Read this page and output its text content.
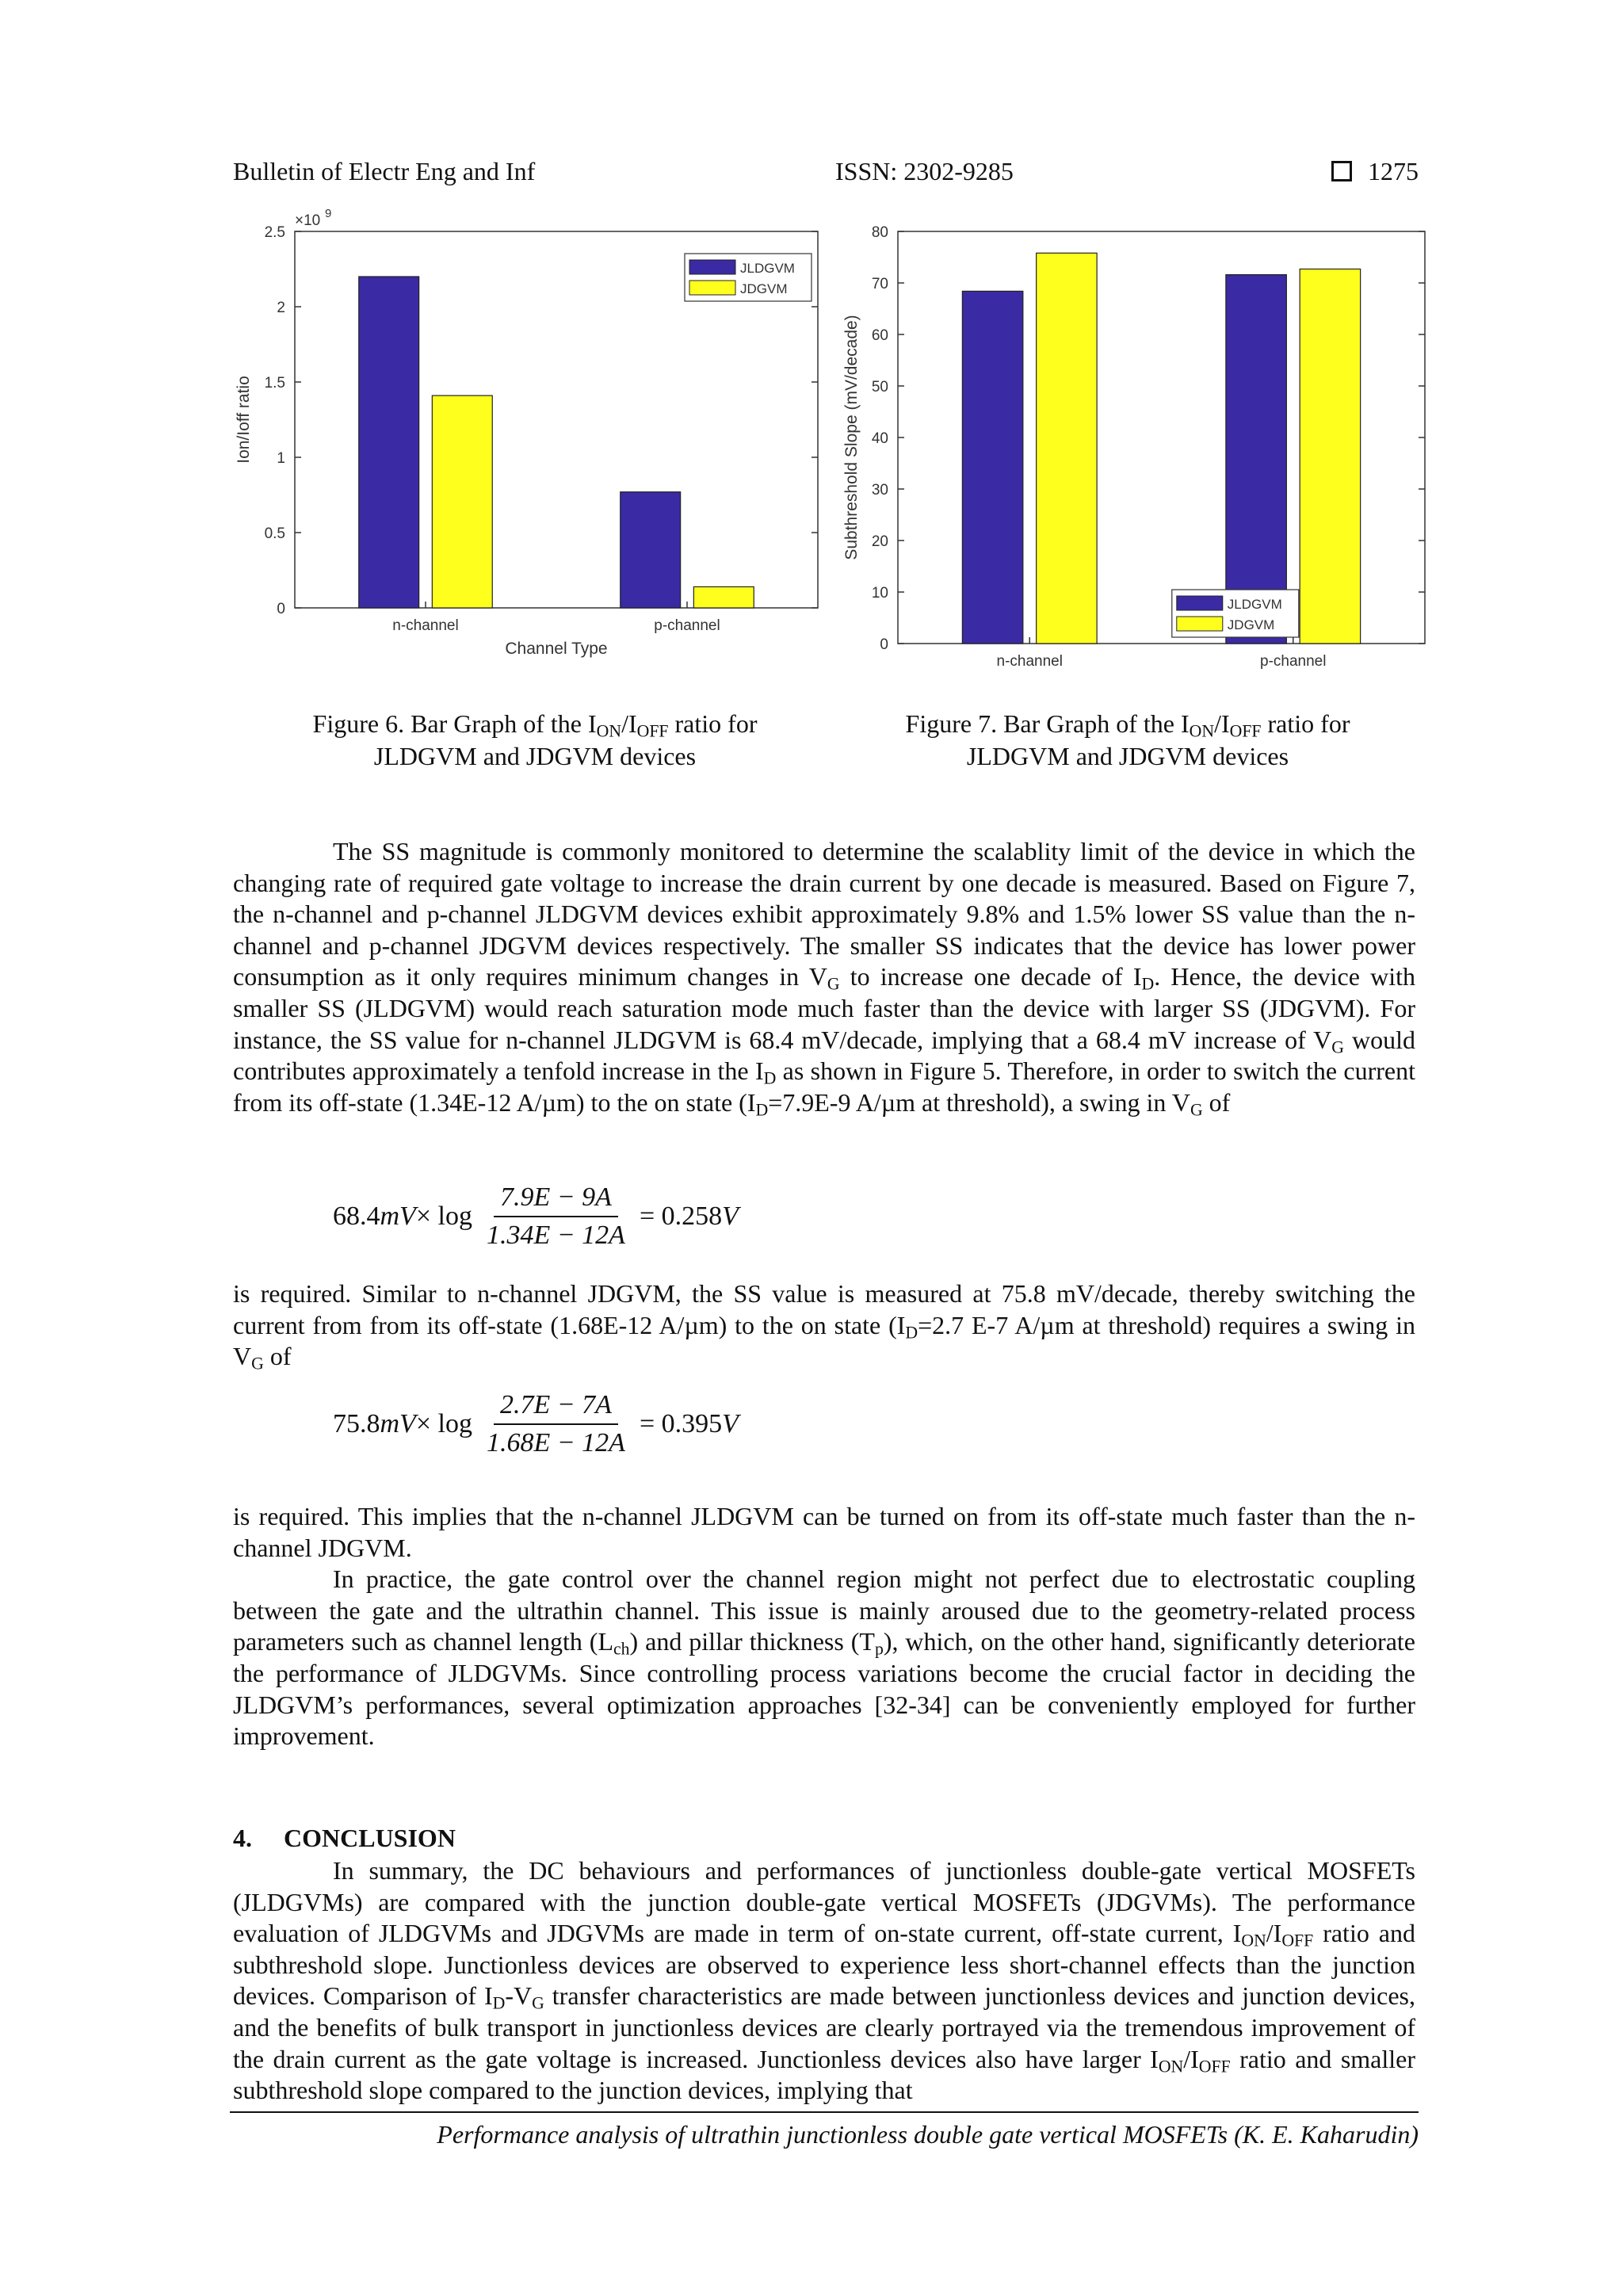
Bulletin of Electr Eng and Inf	ISSN: 2302-9285	1275
0
0.5
1
1.5
2
2.5
n-channel	p-channel
Channel Type
Ion/Ioff ratio
×10 9
JLDGVM
JDGVM
0
10
20
30
40
50
60
70
80
n-channel	p-channel
Subthreshold Slope (mV/decade)
JLDGVM
JDGVM
Figure 6. Bar Graph of the $I_{ON}/I_{OFF}$ ratio for
JLDGVM and JDGVM devices
Figure 7. Bar Graph of the $I_{ON}/I_{OFF}$ ratio for
JLDGVM and JDGVM devices

The SS magnitude is commonly monitored to determine the scalablity limit of the device in which the changing rate of required gate voltage to increase the drain current by one decade is measured. Based on Figure 7, the n-channel and p-channel JLDGVM devices exhibit approximately 9.8% and 1.5% lower SS value than the n-channel and p-channel JDGVM devices respectively. The smaller SS indicates that the device has lower power consumption as it only requires minimum changes in $V_G$ to increase one decade of $I_D$. Hence, the device with smaller SS (JLDGVM) would reach saturation mode much faster than the device with larger SS (JDGVM). For instance, the SS value for n-channel JLDGVM is 68.4 mV/decade, implying that a 68.4 mV increase of $V_G$ would contributes approximately a tenfold increase in the $I_D$ as shown in Figure 5. Therefore, in order to switch the current from its off-state (1.34E-12 A/µm) to the on state ($I_D=7.9E-9$ A/µm at threshold), a swing in $V_G$ of

68.4 mV × $\log \frac{7.9E - 9A}{1.34E - 12A} = 0.258$ V

is required. Similar to n-channel JDGVM, the SS value is measured at 75.8 mV/decade, thereby switching the current from from its off-state (1.68E-12 A/µm) to the on state ($I_D=2.7$ E-7 A/µm at threshold) requires a swing in $V_G$ of

75.8 mV × $\log \frac{2.7E - 7A}{1.68E - 12A} = 0.395$ V

is required. This implies that the n-channel JLDGVM can be turned on from its off-state much faster than the n-channel JDGVM.

In practice, the gate control over the channel region might not perfect due to electrostatic coupling between the gate and the ultrathin channel. This issue is mainly aroused due to the geometry-related process parameters such as channel length $(L_{ch})$ and pillar thickness $(T_p)$, which, on the other hand, significantly deteriorate the performance of JLDGVMs. Since controlling process variations become the crucial factor in deciding the JLDGVM’s performances, several optimization approaches [32-34] can be conveniently employed for further improvement.

4. CONCLUSION

In summary, the DC behaviours and performances of junctionless double-gate vertical MOSFETs (JLDGVMs) are compared with the junction double-gate vertical MOSFETs (JDGVMs). The performance evaluation of JLDGVMs and JDGVMs are made in term of on-state current, off-state current, $I_{ON}/I_{OFF}$ ratio and subthreshold slope. Junctionless devices are observed to experience less short-channel effects than the junction devices. Comparison of $I_D-V_G$ transfer characteristics are made between junctionless devices and junction devices, and the benefits of bulk transport in junctionless devices are clearly portrayed via the tremendous improvement of the drain current as the gate voltage is increased. Junctionless devices also have larger $I_{ON}/I_{OFF}$ ratio and smaller subthreshold slope compared to the junction devices, implying that

Performance analysis of ultrathin junctionless double gate vertical MOSFETs (K. E. Kaharudin)
